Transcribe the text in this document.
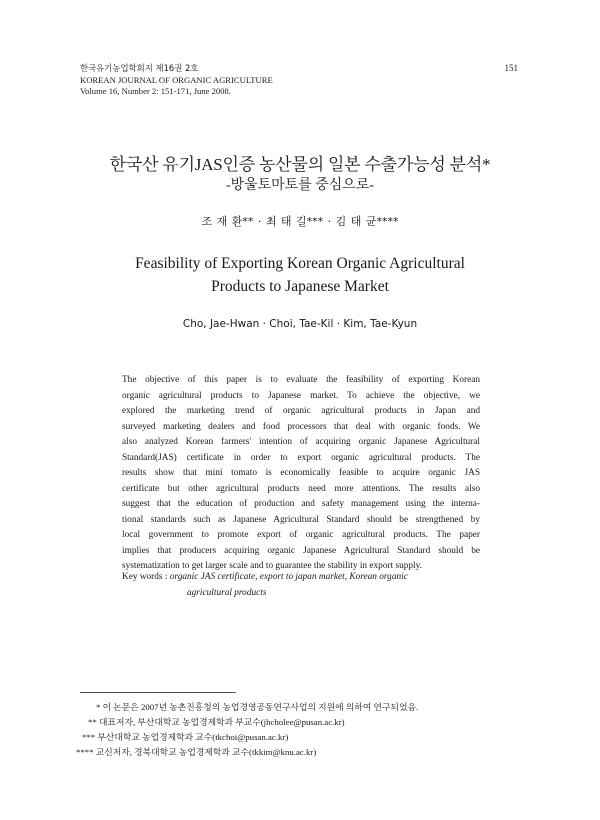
한국유기농업학회지 제16권 2호
KOREAN JOURNAL OF ORGANIC AGRICULTURE
Volume 16, Number 2: 151-171, June 2008.
151
한국산 유기JAS인증 농산물의 일본 수출가능성 분석*
-방울토마토를 중심으로-
조 재 환** · 최 태 길*** · 김 태 균****
Feasibility of Exporting Korean Organic Agricultural
Products to Japanese Market
Cho, Jae-Hwan · Choi, Tae-Kil · Kim, Tae-Kyun
The objective of this paper is to evaluate the feasibility of exporting Korean
organic agricultural products to Japanese market. To achieve the objective, we
explored the marketing trend of organic agricultural products in Japan and
surveyed marketing dealers and food processors that deal with organic foods. We
also analyzed Korean farmers' intention of acquiring organic Japanese Agricultural
Standard(JAS) certificate in order to export organic agricultural products. The
results show that mini tomato is economically feasible to acquire organic JAS
certificate but other agricultural products need more attentions. The results also
suggest that the education of production and safety management using the interna-
tional standards such as Japanese Agricultural Standard should be strengthened by
local government to promote export of organic agricultural products. The paper
implies that producers acquiring organic Japanese Agricultural Standard should be
systematization to get larger scale and to guarantee the stability in export supply.
Key words : organic JAS certificate, export to japan market, Korean organic
agricultural products
* 이 논문은 2007년 농촌진흥청의 농업경영공동연구사업의 지원에 의하여 연구되었음.
** 대표저자, 부산대학교 농업경제학과 부교수(jhcholee@pusan.ac.kr)
*** 부산대학교 농업경제학과 교수(tkchoi@pusan.ac.kr)
**** 교신저자, 경북대학교 농업경제학과 교수(tkkim@knu.ac.kr)
